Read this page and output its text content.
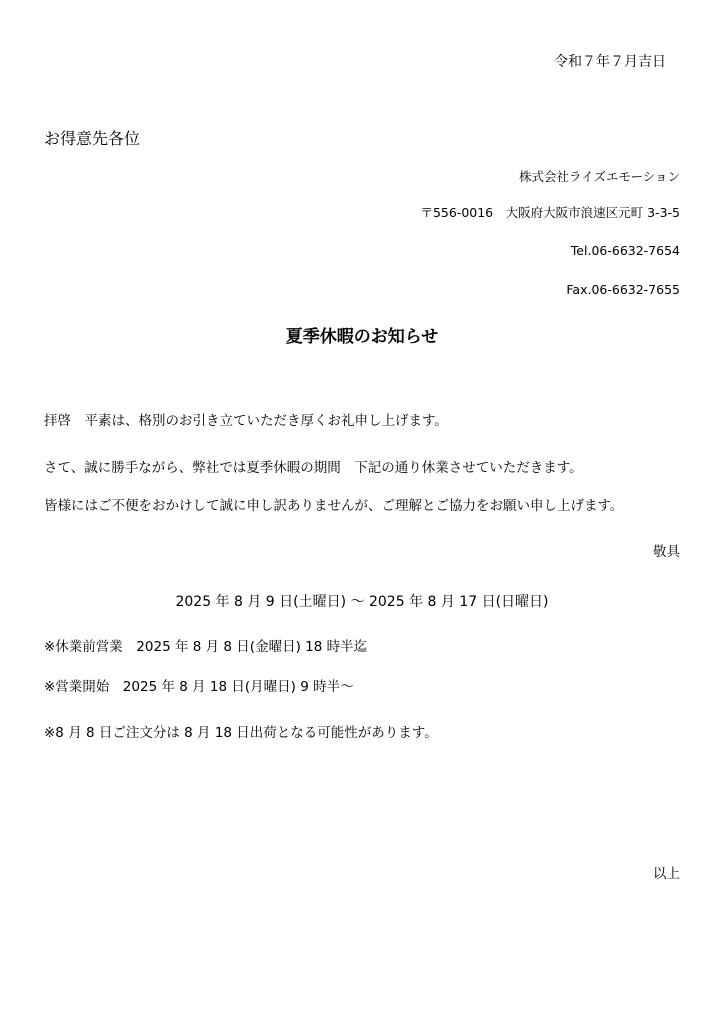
令和７年７月吉日
お得意先各位
株式会社ライズエモーション
〒556-0016　大阪府大阪市浪速区元町 3-3-5
Tel.06-6632-7654
Fax.06-6632-7655
夏季休暇のお知らせ
拝啓　平素は、格別のお引き立ていただき厚くお礼申し上げます。
さて、誠に勝手ながら、弊社では夏季休暇の期間　下記の通り休業させていただきます。
皆様にはご不便をおかけして誠に申し訳ありませんが、ご理解とご協力をお願い申し上げます。
敬具
2025 年 8 月 9 日(土曜日) 〜 2025 年 8 月 17 日(日曜日)
※休業前営業　2025 年 8 月 8 日(金曜日) 18 時半迄
※営業開始　2025 年 8 月 18 日(月曜日) 9 時半〜
※8 月 8 日ご注文分は 8 月 18 日出荷となる可能性があります。
以上
